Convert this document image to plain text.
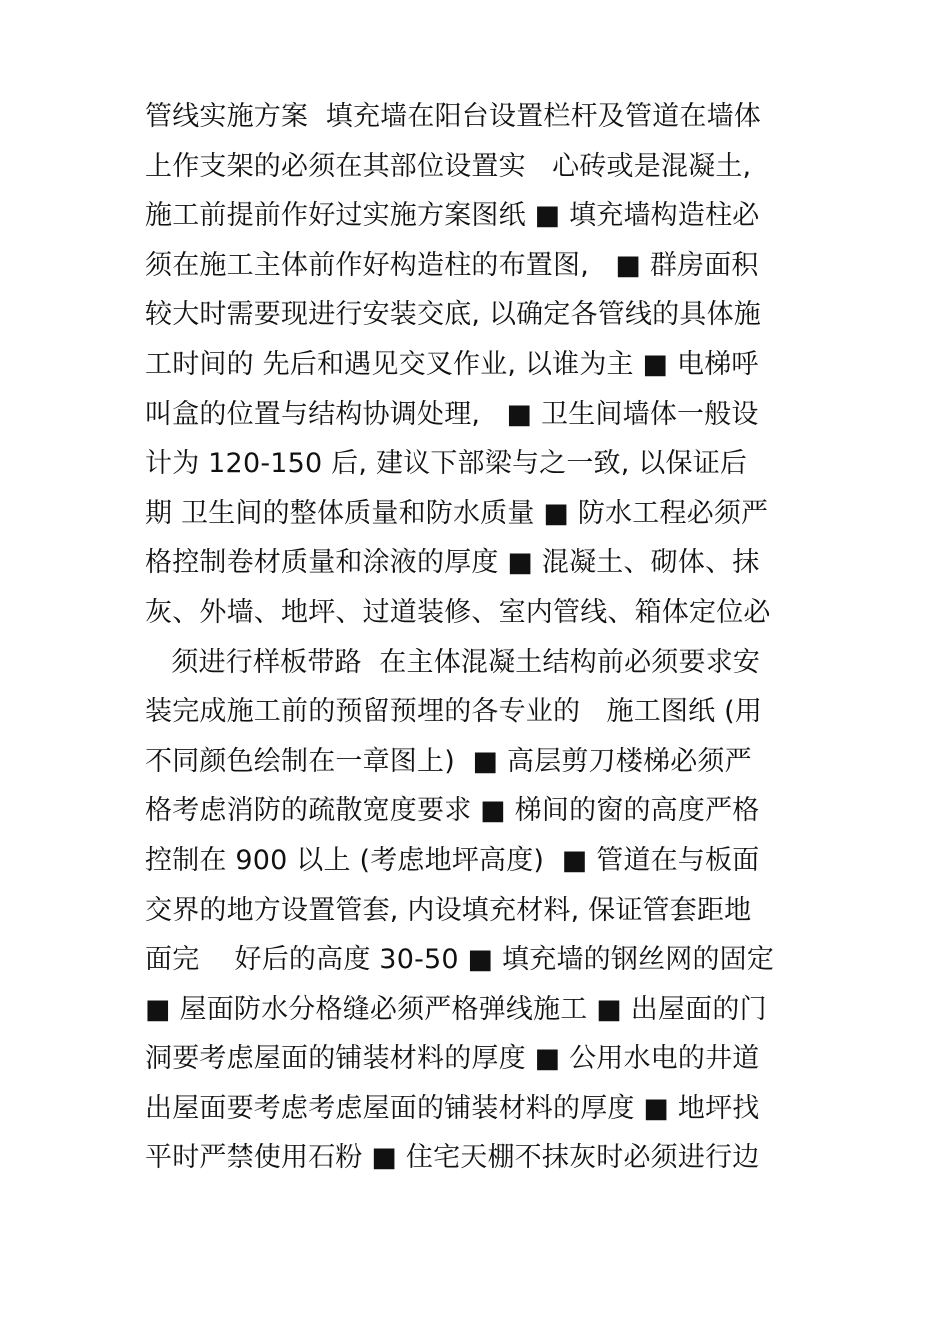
管线实施方案  填充墙在阳台设置栏杆及管道在墙体
上作支架的必须在其部位设置实   心砖或是混凝土,
施工前提前作好过实施方案图纸 ■ 填充墙构造柱必
须在施工主体前作好构造柱的布置图,   ■ 群房面积
较大时需要现进行安装交底, 以确定各管线的具体施
工时间的 先后和遇见交叉作业, 以谁为主 ■ 电梯呼
叫盒的位置与结构协调处理,   ■ 卫生间墙体一般设
计为 120-150 后, 建议下部梁与之一致, 以保证后
期 卫生间的整体质量和防水质量 ■ 防水工程必须严
格控制卷材质量和涂液的厚度 ■ 混凝土、砌体、抹
灰、外墙、地坪、过道装修、室内管线、箱体定位必
须进行样板带路  在主体混凝土结构前必须要求安
装完成施工前的预留预埋的各专业的   施工图纸 (用
不同颜色绘制在一章图上)  ■ 高层剪刀楼梯必须严
格考虑消防的疏散宽度要求 ■ 梯间的窗的高度严格
控制在 900 以上 (考虑地坪高度)  ■ 管道在与板面
交界的地方设置管套, 内设填充材料, 保证管套距地
面完    好后的高度 30-50 ■ 填充墙的钢丝网的固定
■ 屋面防水分格缝必须严格弹线施工 ■ 出屋面的门
洞要考虑屋面的铺装材料的厚度 ■ 公用水电的井道
出屋面要考虑考虑屋面的铺装材料的厚度 ■ 地坪找
平时严禁使用石粉 ■ 住宅天棚不抹灰时必须进行边
